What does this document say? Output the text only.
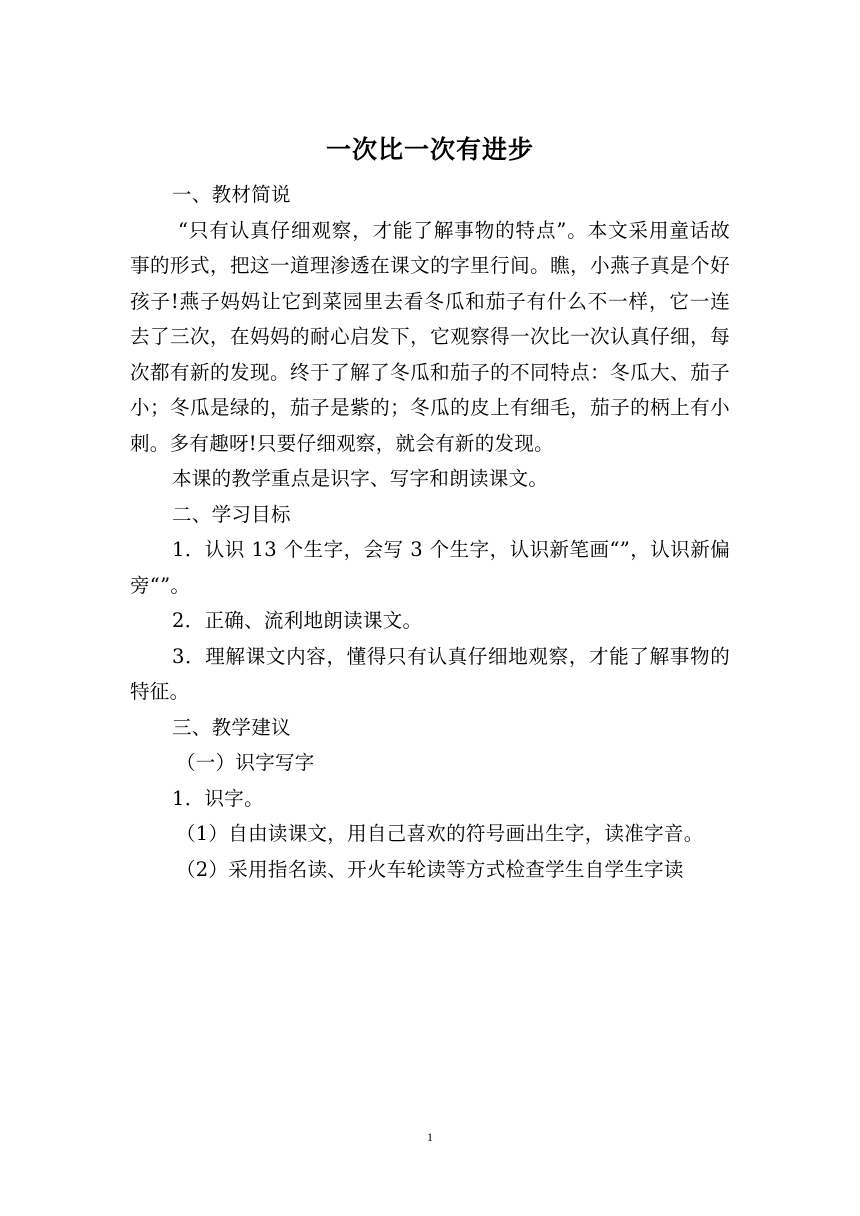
一次比一次有进步

一、教材简说

“只有认真仔细观察，才能了解事物的特点”。本文采用童话故事的形式，把这一道理渗透在课文的字里行间。瞧，小燕子真是个好孩子!燕子妈妈让它到菜园里去看冬瓜和茄子有什么不一样，它一连去了三次，在妈妈的耐心启发下，它观察得一次比一次认真仔细，每次都有新的发现。终于了解了冬瓜和茄子的不同特点：冬瓜大、茄子小；冬瓜是绿的，茄子是紫的；冬瓜的皮上有细毛，茄子的柄上有小刺。多有趣呀!只要仔细观察，就会有新的发现。

本课的教学重点是识字、写字和朗读课文。

二、学习目标

1．认识 13 个生字，会写 3 个生字，认识新笔画“”，认识新偏旁“”。

2．正确、流利地朗读课文。

3．理解课文内容，懂得只有认真仔细地观察，才能了解事物的特征。

三、教学建议

（一）识字写字

1．识字。

（1）自由读课文，用自己喜欢的符号画出生字，读准字音。

（2）采用指名读、开火车轮读等方式检查学生自学生字读

1
